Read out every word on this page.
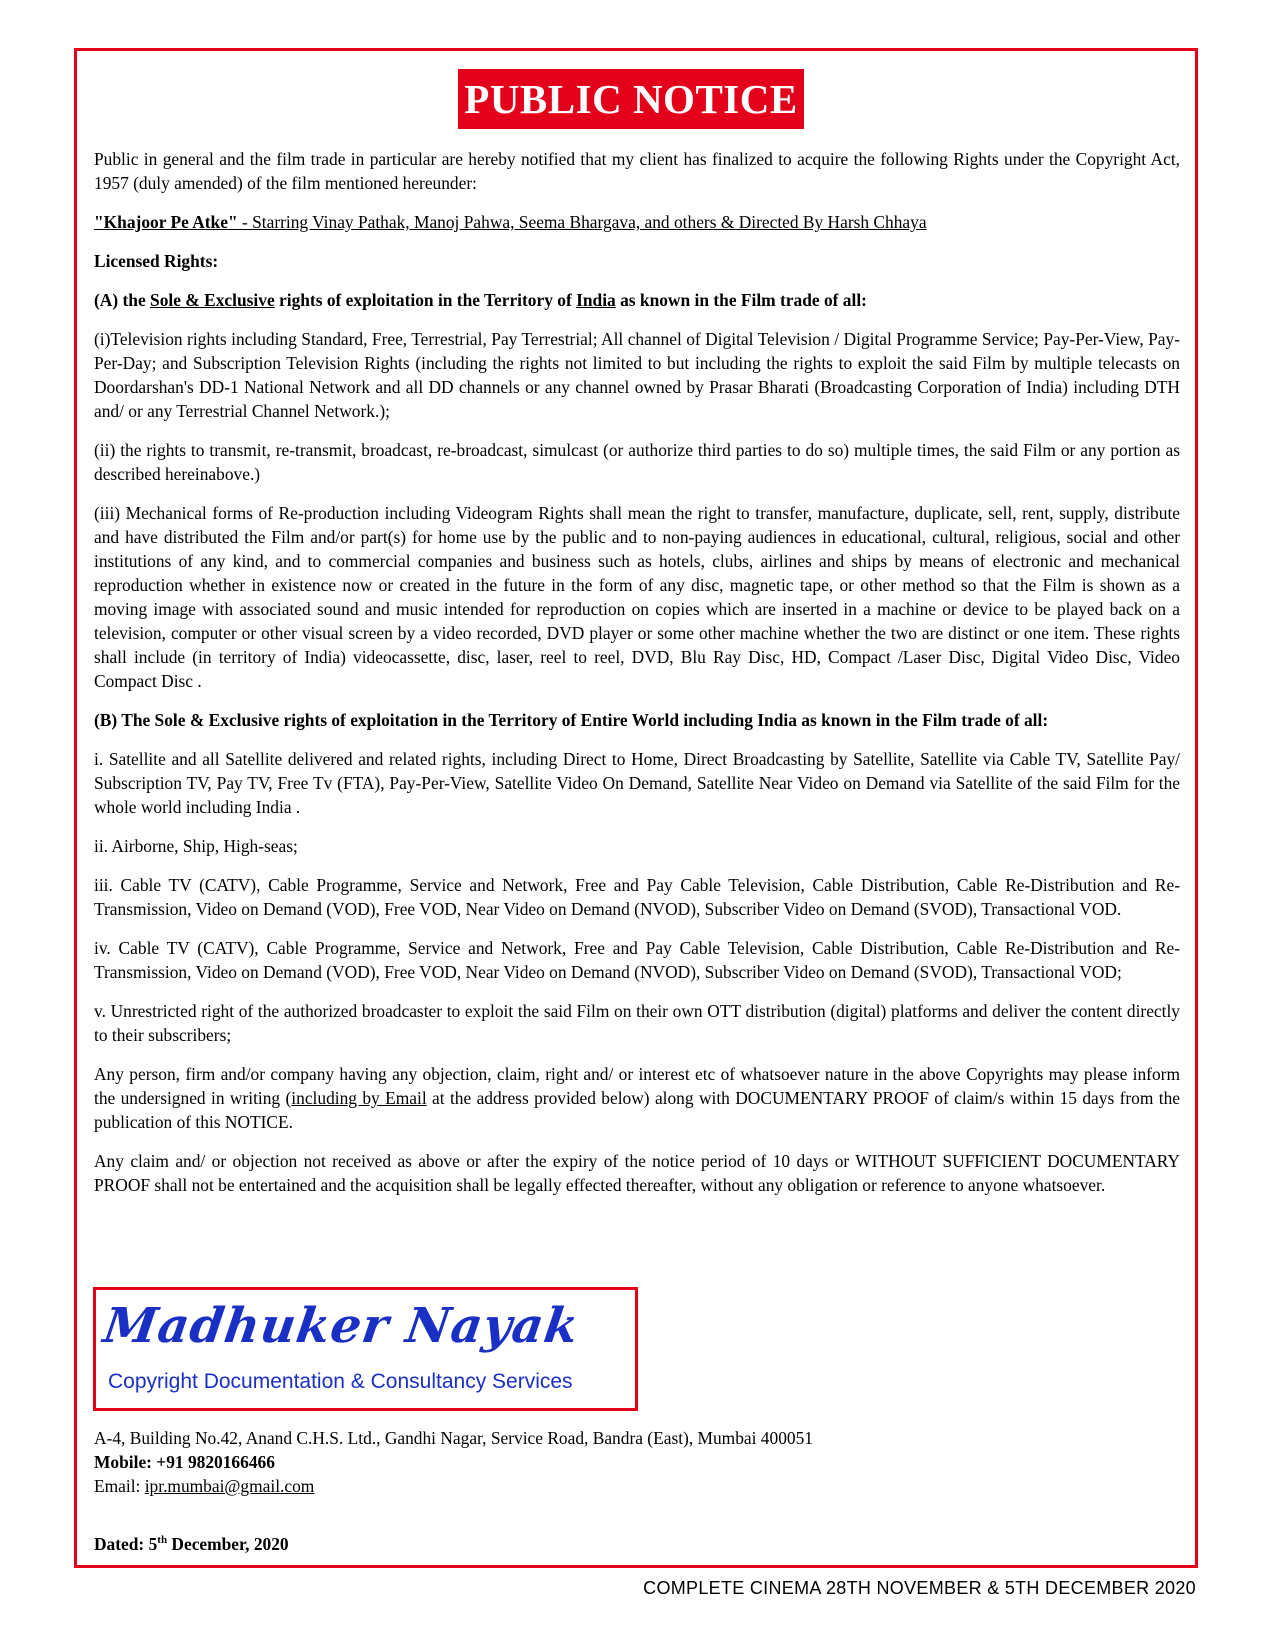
PUBLIC NOTICE

Public in general and the film trade in particular are hereby notified that my client has finalized to acquire the following Rights under the Copyright Act, 1957 (duly amended) of the film mentioned hereunder:

"Khajoor Pe Atke" - Starring Vinay Pathak, Manoj Pahwa, Seema Bhargava, and others & Directed By Harsh Chhaya

Licensed Rights:

(A) the Sole & Exclusive rights of exploitation in the Territory of India as known in the Film trade of all:

(i)Television rights including Standard, Free, Terrestrial, Pay Terrestrial; All channel of Digital Television / Digital Programme Service; Pay-Per-View, Pay-Per-Day; and Subscription Television Rights (including the rights not limited to but including the rights to exploit the said Film by multiple telecasts on Doordarshan's DD-1 National Network and all DD channels or any channel owned by Prasar Bharati (Broadcasting Corporation of India) including DTH and/ or any Terrestrial Channel Network.);

(ii) the rights to transmit, re-transmit, broadcast, re-broadcast, simulcast (or authorize third parties to do so) multiple times, the said Film or any portion as described hereinabove.)

(iii) Mechanical forms of Re-production including Videogram Rights shall mean the right to transfer, manufacture, duplicate, sell, rent, supply, distribute and have distributed the Film and/or part(s) for home use by the public and to non-paying audiences in educational, cultural, religious, social and other institutions of any kind, and to commercial companies and business such as hotels, clubs, airlines and ships by means of electronic and mechanical reproduction whether in existence now or created in the future in the form of any disc, magnetic tape, or other method so that the Film is shown as a moving image with associated sound and music intended for reproduction on copies which are inserted in a machine or device to be played back on a television, computer or other visual screen by a video recorded, DVD player or some other machine whether the two are distinct or one item. These rights shall include (in territory of India) videocassette, disc, laser, reel to reel, DVD, Blu Ray Disc, HD, Compact /Laser Disc, Digital Video Disc, Video Compact Disc .

(B) The Sole & Exclusive rights of exploitation in the Territory of Entire World including India as known in the Film trade of all:

i. Satellite and all Satellite delivered and related rights, including Direct to Home, Direct Broadcasting by Satellite, Satellite via Cable TV, Satellite Pay/ Subscription TV, Pay TV, Free Tv (FTA), Pay-Per-View, Satellite Video On Demand, Satellite Near Video on Demand via Satellite of the said Film for the whole world including India .

ii. Airborne, Ship, High-seas;

iii. Cable TV (CATV), Cable Programme, Service and Network, Free and Pay Cable Television, Cable Distribution, Cable Re-Distribution and Re-Transmission, Video on Demand (VOD), Free VOD, Near Video on Demand (NVOD), Subscriber Video on Demand (SVOD), Transactional VOD.

iv. Cable TV (CATV), Cable Programme, Service and Network, Free and Pay Cable Television, Cable Distribution, Cable Re-Distribution and Re-Transmission, Video on Demand (VOD), Free VOD, Near Video on Demand (NVOD), Subscriber Video on Demand (SVOD), Transactional VOD;

v. Unrestricted right of the authorized broadcaster to exploit the said Film on their own OTT distribution (digital) platforms and deliver the content directly to their subscribers;

Any person, firm and/or company having any objection, claim, right and/ or interest etc of whatsoever nature in the above Copyrights may please inform the undersigned in writing (including by Email at the address provided below) along with DOCUMENTARY PROOF of claim/s within 15 days from the publication of this NOTICE.

Any claim and/ or objection not received as above or after the expiry of the notice period of 10 days or WITHOUT SUFFICIENT DOCUMENTARY PROOF shall not be entertained and the acquisition shall be legally effected thereafter, without any obligation or reference to anyone whatsoever.

Madhuker Nayak
Copyright Documentation & Consultancy Services
A-4, Building No.42, Anand C.H.S. Ltd., Gandhi Nagar, Service Road, Bandra (East), Mumbai 400051
Mobile: +91 9820166466
Email: ipr.mumbai@gmail.com
Dated: 5th December, 2020
COMPLETE CINEMA 28TH NOVEMBER & 5TH DECEMBER 2020
